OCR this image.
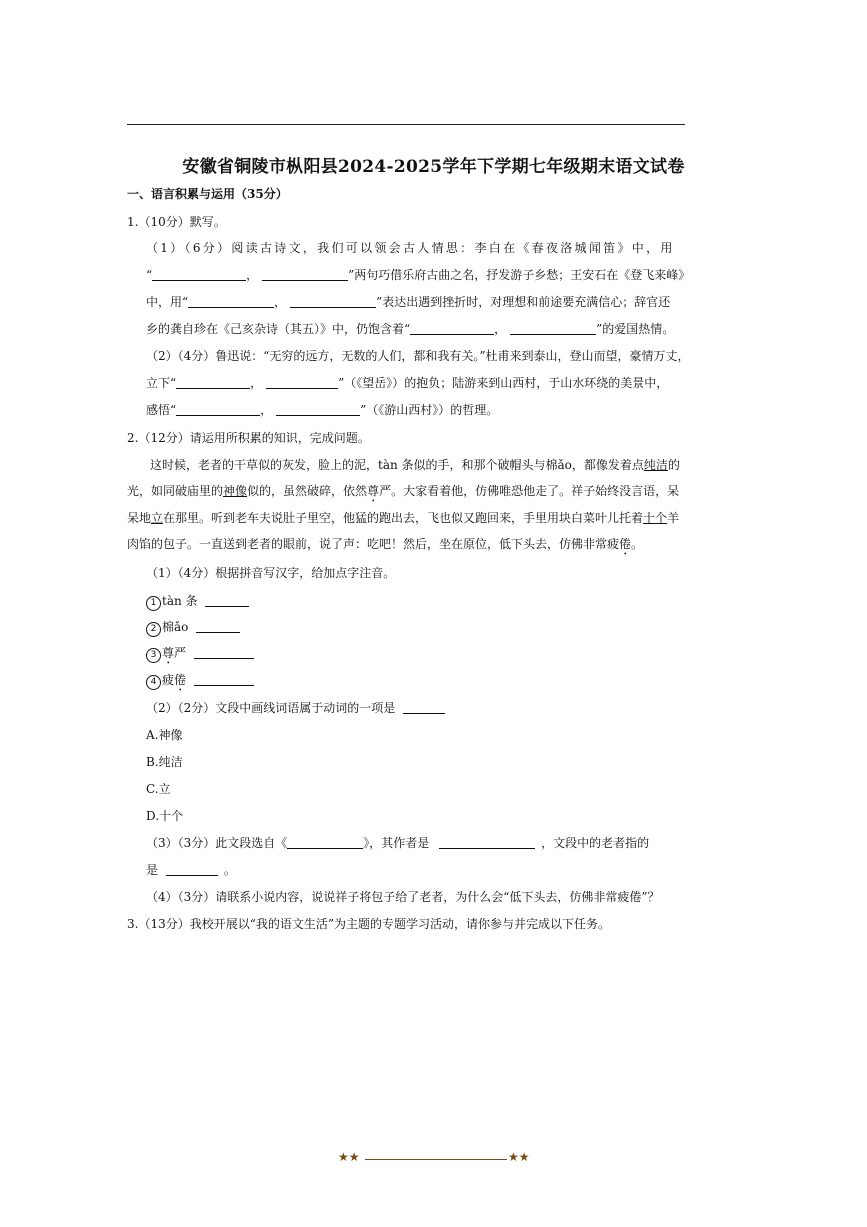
安徽省铜陵市枞阳县2024-2025学年下学期七年级期末语文试卷
一、语言积累与运用（35分）
1.（10分）默写。
（1）（6分）阅读古诗文，我们可以领会古人情思：李白在《春夜洛城闻笛》中，用
“	，	”两句巧借乐府古曲之名，抒发游子乡愁；王安石在《登飞来峰》
中，用“	，	”表达出遇到挫折时，对理想和前途要充满信心；辞官还
乡的龚自珍在《己亥杂诗（其五）》中，仍饱含着“	，	”的爱国热情。
（2）（4分）鲁迅说：“无穷的远方，无数的人们，都和我有关。”杜甫来到泰山，登山而望，豪情万丈，
立下“	，	”（《望岳》）的抱负；陆游来到山西村，于山水环绕的美景中，
感悟“	，	”（《游山西村》）的哲理。
2.（12分）请运用所积累的知识，完成问题。
这时候，老者的干草似的灰发，脸上的泥，tàn 条似的手，和那个破帽头与棉ǎo，都像发着点纯洁的
光，如同破庙里的神像似的，虽然破碎，依然尊严。大家看着他，仿佛唯恐他走了。祥子始终没言语，呆
呆地立在那里。听到老车夫说肚子里空，他猛的跑出去，飞也似又跑回来，手里用块白菜叶儿托着十个羊
肉馅的包子。一直送到老者的眼前，说了声：吃吧！然后，坐在原位，低下头去，仿佛非常疲倦。
（1）（4分）根据拼音写汉字，给加点字注音。
1 tàn 条
2 棉ǎo
3 尊严
4 疲倦
（2）（2分）文段中画线词语属于动词的一项是
A.神像
B.纯洁
C.立
D.十个
（3）（3分）此文段选自《	》，其作者是	，文段中的老者指的
是	。
（4）（3分）请联系小说内容，说说祥子将包子给了老者，为什么会“低下头去，仿佛非常疲倦”？
3.（13分）我校开展以“我的语文生活”为主题的专题学习活动，请你参与并完成以下任务。
★★	★★
